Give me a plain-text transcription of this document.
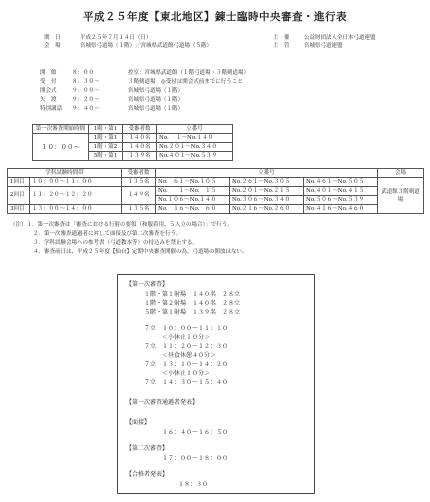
平成２５年度【東北地区】錬士臨時中央審査・進行表
期　日	平成２５年７月１４日（日）
会　場	宮城県弓道場（１階）／宮城県武道館弓道場（５階）
主　催	公益財団法人全日本弓道連盟
主　管	宮城県弓道連盟
開　館	８：００	控室：宮城県武道館（１階弓道場・３階剣道場）
受　付	８：３０～	３階剣道場　◎受付は開会式前までに行うこと
開会式	９：００～	宮城県弓道場（１階）
矢　渡	９：２０～	宮城県弓道場（１階）
特別講話 ９：４０～	宮城県弓道場（１階）
第一次審査開始時間	1階・第1	受審者数	立番号
１０：００～	1階・第1	１４０名	No. 　１～No.１４０
	1階・第2	１４０名	No.２０１～No.３４０
	5階・第1	１３９名	No.４０１～No.５３９
学科試験時間帯		受審者数	立番号			会場
1回目	１０：００～１１：００	１３５名	No.　６１～No.１０５	No.２６１～No.３０５	No.４６１～No.５０５	武道館３階剣道場
2回目	１１：２０～１２：２０	１４９名	No.　　１～No.　１５	No.２０１～No.２１５	No.４０１～No.４１５	
			No.１０６～No.１４０	No.３０６～No.３４０	No.５０６～No.５３９	
3回目	１３：００～１４：００	１３５名	No.　１６～No.　６０	No.２１６～No.２６０	No.４１６～No.４６０	
（注）１．第一次審査は「審査における行射の要領（和服着用、５人立の場合）」で行う。
２．第一次審査通過者に対して面接及び第二次審査を行う。
３．学科試験会場への参考書（弓道教本等）の持込みを禁止する。
４．審査前日は、平成２５年度【仙台】定期中央審査開催の為、弓道場の開放はない。
【第一次審査】
１階・第１射場　１４０名　２８立
１階・第２射場　１４０名　２８立
５階・第１射場　１３９名　２８立
７立　１０：００～１１：１０
＜小休止１０分＞
７立　１１：２０～１２：３０
＜昼食休憩４０分＞
７立　１３：１０～１４：２０
＜小休止１０分＞
７立　１４：３０～１５：４０
【第一次審査通過者発表】
【面接】
１６：４０～１６：５０
【第二次審査】
１７：００～１８：００
【合格者発表】
１８：３０
